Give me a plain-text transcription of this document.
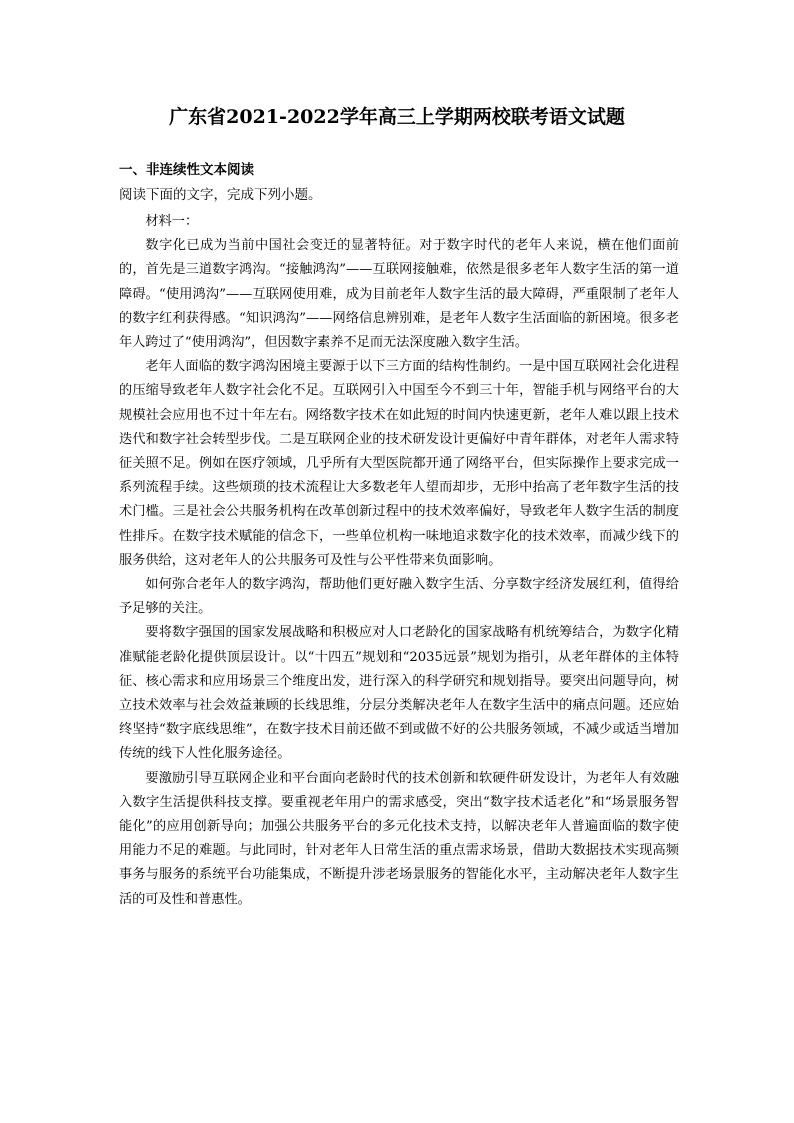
广东省2021-2022学年高三上学期两校联考语文试题
一、非连续性文本阅读
阅读下面的文字，完成下列小题。

材料一：

数字化已成为当前中国社会变迁的显著特征。对于数字时代的老年人来说，横在他们面前的，首先是三道数字鸿沟。“接触鸿沟”——互联网接触难，依然是很多老年人数字生活的第一道障碍。“使用鸿沟”——互联网使用难，成为目前老年人数字生活的最大障碍，严重限制了老年人的数字红利获得感。“知识鸿沟”——网络信息辨别难，是老年人数字生活面临的新困境。很多老年人跨过了“使用鸿沟”，但因数字素养不足而无法深度融入数字生活。

老年人面临的数字鸿沟困境主要源于以下三方面的结构性制约。一是中国互联网社会化进程的压缩导致老年人数字社会化不足。互联网引入中国至今不到三十年，智能手机与网络平台的大规模社会应用也不过十年左右。网络数字技术在如此短的时间内快速更新，老年人难以跟上技术迭代和数字社会转型步伐。二是互联网企业的技术研发设计更偏好中青年群体，对老年人需求特征关照不足。例如在医疗领域，几乎所有大型医院都开通了网络平台，但实际操作上要求完成一系列流程手续。这些烦琐的技术流程让大多数老年人望而却步，无形中抬高了老年数字生活的技术门槛。三是社会公共服务机构在改革创新过程中的技术效率偏好，导致老年人数字生活的制度性排斥。在数字技术赋能的信念下，一些单位机构一味地追求数字化的技术效率，而减少线下的服务供给，这对老年人的公共服务可及性与公平性带来负面影响。

如何弥合老年人的数字鸿沟，帮助他们更好融入数字生活、分享数字经济发展红利，值得给予足够的关注。

要将数字强国的国家发展战略和积极应对人口老龄化的国家战略有机统筹结合，为数字化精准赋能老龄化提供顶层设计。以“十四五”规划和“2035远景”规划为指引，从老年群体的主体特征、核心需求和应用场景三个维度出发，进行深入的科学研究和规划指导。要突出问题导向，树立技术效率与社会效益兼顾的长线思维，分层分类解决老年人在数字生活中的痛点问题。还应始终坚持“数字底线思维”，在数字技术目前还做不到或做不好的公共服务领域，不减少或适当增加传统的线下人性化服务途径。

要激励引导互联网企业和平台面向老龄时代的技术创新和软硬件研发设计，为老年人有效融入数字生活提供科技支撑。要重视老年用户的需求感受，突出“数字技术适老化”和“场景服务智能化”的应用创新导向；加强公共服务平台的多元化技术支持，以解决老年人普遍面临的数字使用能力不足的难题。与此同时，针对老年人日常生活的重点需求场景，借助大数据技术实现高频事务与服务的系统平台功能集成，不断提升涉老场景服务的智能化水平，主动解决老年人数字生活的可及性和普惠性。
